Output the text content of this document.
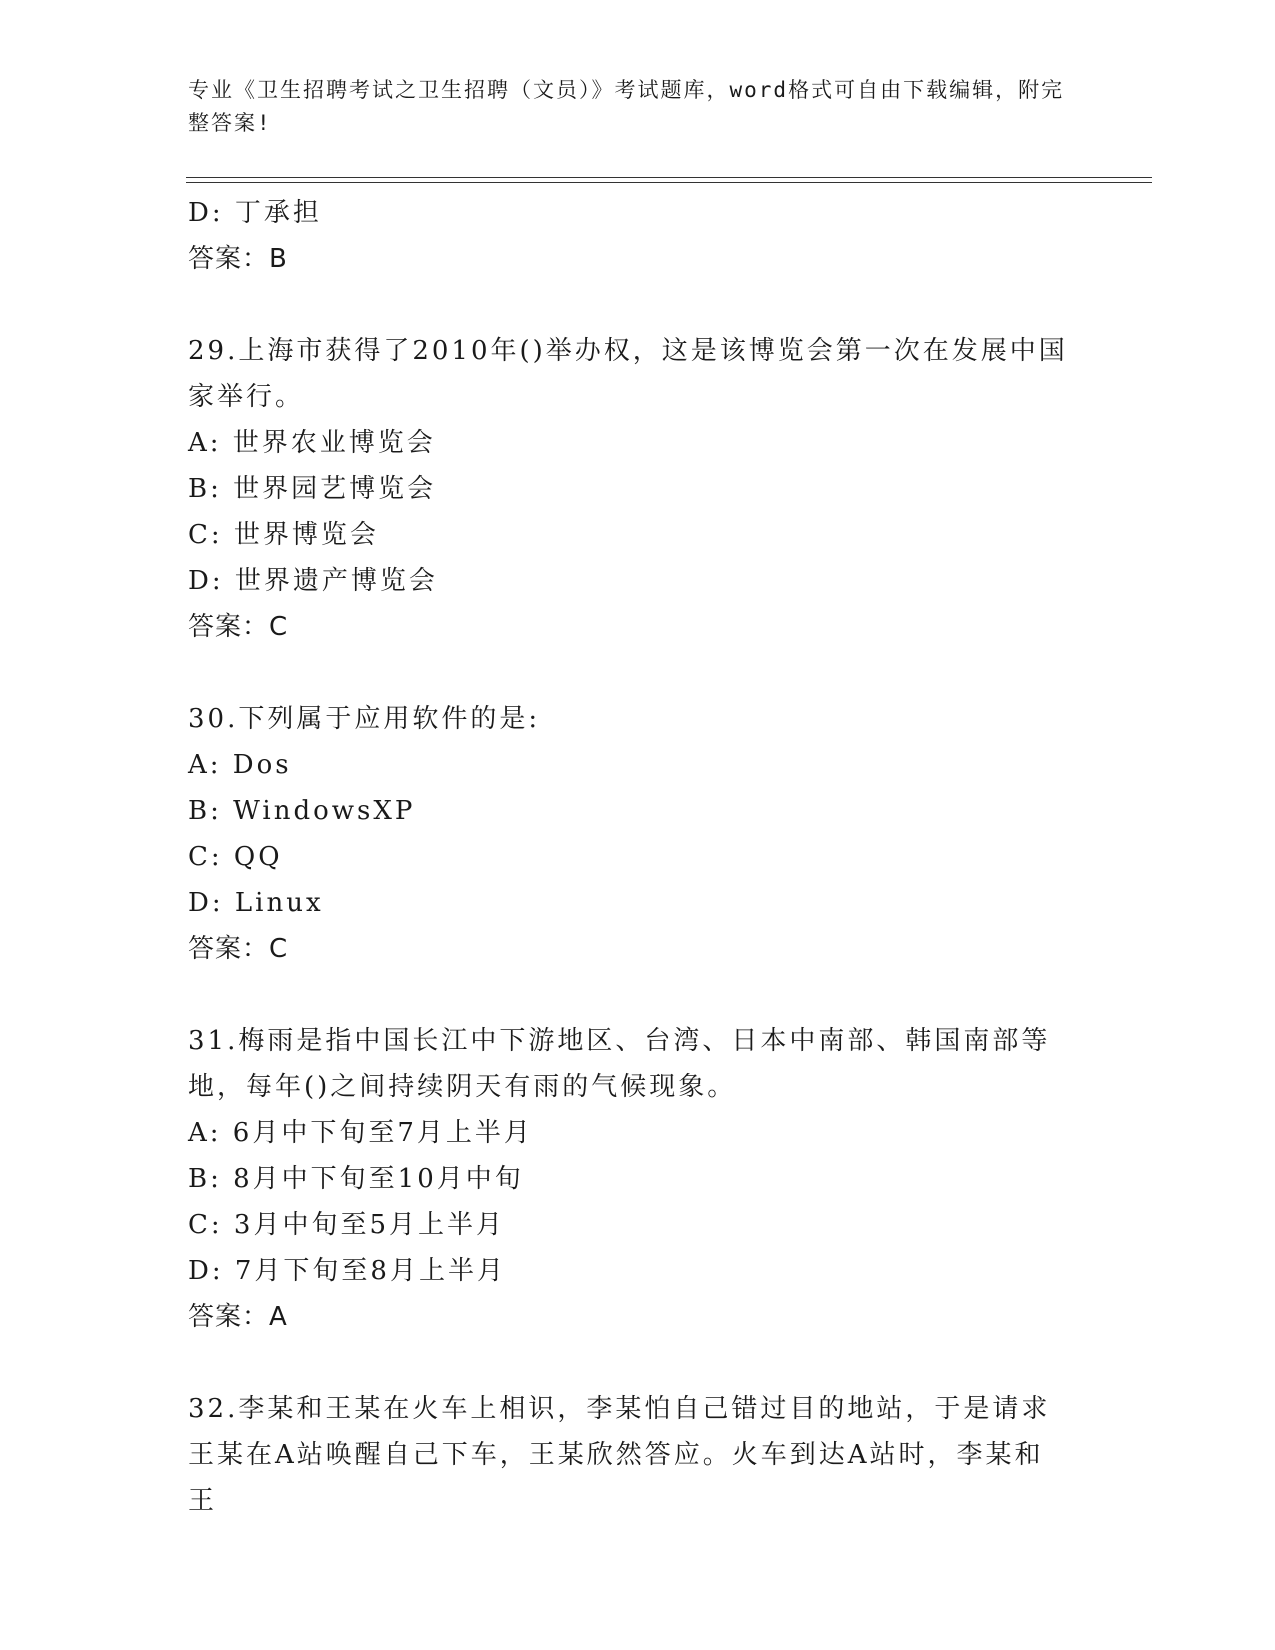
专业《卫生招聘考试之卫生招聘（文员）》考试题库，word格式可自由下载编辑，附完整答案!
D: 丁承担
答案：B
29.上海市获得了2010年()举办权，这是该博览会第一次在发展中国家举行。
A: 世界农业博览会
B: 世界园艺博览会
C: 世界博览会
D: 世界遗产博览会
答案：C
30.下列属于应用软件的是:
A: Dos
B: WindowsXP
C: QQ
D: Linux
答案：C
31.梅雨是指中国长江中下游地区、台湾、日本中南部、韩国南部等地，每年()之间持续阴天有雨的气候现象。
A: 6月中下旬至7月上半月
B: 8月中下旬至10月中旬
C: 3月中旬至5月上半月
D: 7月下旬至8月上半月
答案：A
32.李某和王某在火车上相识，李某怕自己错过目的地站，于是请求王某在A站唤醒自己下车，王某欣然答应。火车到达A站时，李某和王
